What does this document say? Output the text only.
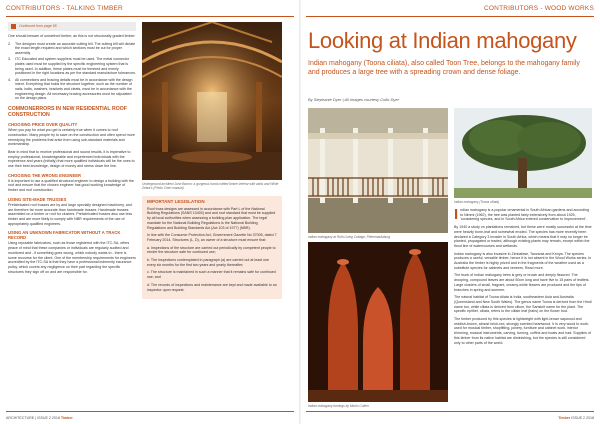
CONTRIBUTORS - TALKING TIMBER
Continued from page 58
One should beware of unearthed timber, as this is not structurally graded timber.
2.	The designer must create an accurate cutting bill. The cutting bill will dictate the exact length required and which sections must be cut for proper assembly.
3.	ITC Educated and system suppliers must be used. The metal connector plates used must be supplied by the specific engineering system that is being used. In addition, these plates must be trimmed and evenly positioned in the right locations as per the standard manufacture tolerances.
4.	All connections and bracing details must be in accordance with the design intent. Everything that holds the structure together, such as the number of nails, bolts, washers, brackets and cleats, must be in accordance with the engineering design. All necessary bracing accessories must be stipulated on the design plans.
COMMONERRORS IN NEW RESIDENTIAL ROOF CONSTRUCTION
CHOOSING PRICE OVER QUALITY
When you pay for what you get is certainly true when it comes to roof construction. Many people try to save on the construction and often spend more remedying the problems that arise from using sub-standard materials and workmanship.
Bear in mind that to receive professional and sound results, it is imperative to employ professional, knowledgeable and experienced individuals with the experience and years (initially) that more qualified individuals will be the ones to use their best knowledge, design of money and stress down the line.
CHOOSING THE WRONG ENGINEER
It is important to use a qualified structural engineer to design a building with the roof and ensure that the chosen engineer has good working knowledge of timber and roof construction.
USING SITE-MADE TRUSSES
Prefabricated roof trusses are by and large specially designed machinery, and are therefore far more accurate than handmade trusses. Handmade trusses assembled on a timber or roof for clusters. Prefabricated trusses also use less timber and are more likely to comply with NBR requirements of the use of appropriately qualified engineers.
USING AN UNKNOWN FABRICATOR WITHOUT A TRACK RECORD
Using reputable fabricators, such as those registered with the ITC-SA, offers peace of mind that these companies or individuals are regularly audited and monitored and - if something goes wrong, which nobody wants to - there is some recourse for the client. One of the membership requirements for engineers accredited by the ITC-SA is that they have a professional indemnity insurance policy, which covers any negligence on their part regarding the specific structures they sign off on and are responsible for.
Underground architect John Barron: a gorgeous hand-crafted timber interior with walls and White Zebra's (Photo Cheri manual)
IMPORTANT LEGISLATION
Roof truss designs are assessed in accordance with Part L of the National Building Regulations (SANS 10400) and and roof standard that must be supplied by all local authorities when assessing a building plan application. The legal mandate for the National Building Regulations is the National Building Regulations and Building Standards Act (Act 103 of 1977) (NBR).
In line with the Consumer Protection Act, Government Gazette No 37005, dated 7 February 2014, Structures (L, D), an owner of a structure must ensure that:
a. Inspections of the structure are carried out periodically by competent people to render the structure safe for continued use;
b. The inspections contemplated in paragraph (a) are carried out at least one every six months for the first two years and yearly thereafter;
c. The structure is maintained in such a manner that it remains safe for continued use; and
d. The records of inspections and maintenance are kept and made available to an inspector upon request.
ARCHITECTURE | ISSUE 2 2018 Timber
CONTRIBUTORS - WOOD WORKS
Looking at Indian mahogany
Indian mahogany (Toona ciliata), also called Toon Tree, belongs to the mahogany family and produces a large tree with a spreading crown and dense foliage.
By Stephanie Dyer | All images courtesy Colin Dyer
Indian mahogany at Ruth Living Cottage, Pietermaritzburg
Indian mahogany turnings by Morris Cullen
Indian mahogany (Toona ciliata)
Indian mahogany is a popular ornamental in South African gardens and according to Nimmi (1962), the tree was planted fairly extensively from about 1925, 'considering species, and in South Africa entered conservation to improvement'.
By 1940 a study on plantations remained, but these were mostly successful at the time were heavily bone-leaf and somewhat eroded. The species has more recently been declared a Category 3 invader in South Africa, which means that it may no longer be planted, propagated or traded, although existing plants may remain, except within the flood line of watercourses and wetlands.
Indian mahogany is also invasive in Zimbabwe, Tanzania and Kenya. The species produces a useful, versatile timber, hence it is not absent in the Wood Works series. In Australia the timber is highly prized and in the fragments of the weather used as a substitute species for cabinets and veneers. Read more.
The trunk of Indian mahogany trees is grey or brown and deeply fissured. The drooping, compound leaves are about 50cm long and have five to 15 pairs of leaflets. Large clusters of small, fragrant, creamy-white flowers are produced and the tips of branches in spring and summer.
The natural habitat of Toona ciliata is India, southeastern Asia and Australia (Queensland and New South Wales). The genus name Toona is derived from the Hindi name tun, while ciliata is derived from cilium, the Sanskrit name for the plant. The specific epithet, ciliata, refers to the ciliate leaf (hairs) on the flower bud.
The timber produced by this species is lightweight with light-brown sapwood and reddish-brown, almost brick-red, strongly scented heartwood. It is very wood to work: used for musical timber, shopfitting, joinery, furniture and cabinet work, interior trimming, musical instruments, carving, turning, coffins and boats and had. Supplies of this timber from its native habitat are diminishing, but the species is still considered only to other parts of the world.
Timber ISSUE 2 2018
